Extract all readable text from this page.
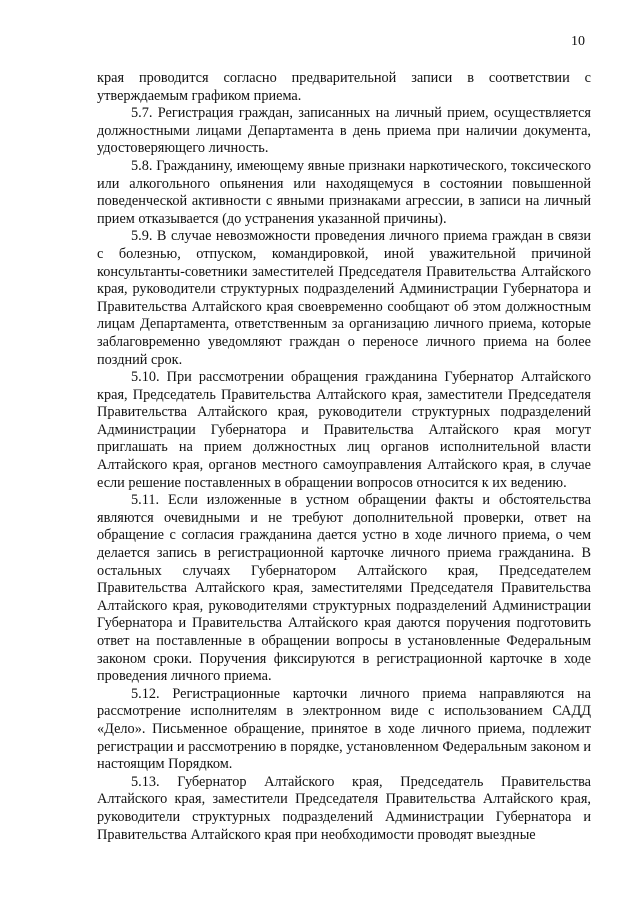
10

края проводится согласно предварительной записи в соответствии с утверждаемым графиком приема.

5.7. Регистрация граждан, записанных на личный прием, осуществляется должностными лицами Департамента в день приема при наличии документа, удостоверяющего личность.

5.8. Гражданину, имеющему явные признаки наркотического, токсического или алкогольного опьянения или находящемуся в состоянии повышенной поведенческой активности с явными признаками агрессии, в записи на личный прием отказывается (до устранения указанной причины).

5.9. В случае невозможности проведения личного приема граждан в связи с болезнью, отпуском, командировкой, иной уважительной причиной консультанты-советники заместителей Председателя Правительства Алтайского края, руководители структурных подразделений Администрации Губернатора и Правительства Алтайского края своевременно сообщают об этом должностным лицам Департамента, ответственным за организацию личного приема, которые заблаговременно уведомляют граждан о переносе личного приема на более поздний срок.

5.10. При рассмотрении обращения гражданина Губернатор Алтайского края, Председатель Правительства Алтайского края, заместители Председателя Правительства Алтайского края, руководители структурных подразделений Администрации Губернатора и Правительства Алтайского края могут приглашать на прием должностных лиц органов исполнительной власти Алтайского края, органов местного самоуправления Алтайского края, в случае если решение поставленных в обращении вопросов относится к их ведению.

5.11. Если изложенные в устном обращении факты и обстоятельства являются очевидными и не требуют дополнительной проверки, ответ на обращение с согласия гражданина дается устно в ходе личного приема, о чем делается запись в регистрационной карточке личного приема гражданина. В остальных случаях Губернатором Алтайского края, Председателем Правительства Алтайского края, заместителями Председателя Правительства Алтайского края, руководителями структурных подразделений Администрации Губернатора и Правительства Алтайского края даются поручения подготовить ответ на поставленные в обращении вопросы в установленные Федеральным законом сроки. Поручения фиксируются в регистрационной карточке в ходе проведения личного приема.

5.12. Регистрационные карточки личного приема направляются на рассмотрение исполнителям в электронном виде с использованием САДД «Дело». Письменное обращение, принятое в ходе личного приема, подлежит регистрации и рассмотрению в порядке, установленном Федеральным законом и настоящим Порядком.

5.13. Губернатор Алтайского края, Председатель Правительства Алтайского края, заместители Председателя Правительства Алтайского края, руководители структурных подразделений Администрации Губернатора и Правительства Алтайского края при необходимости проводят выездные
